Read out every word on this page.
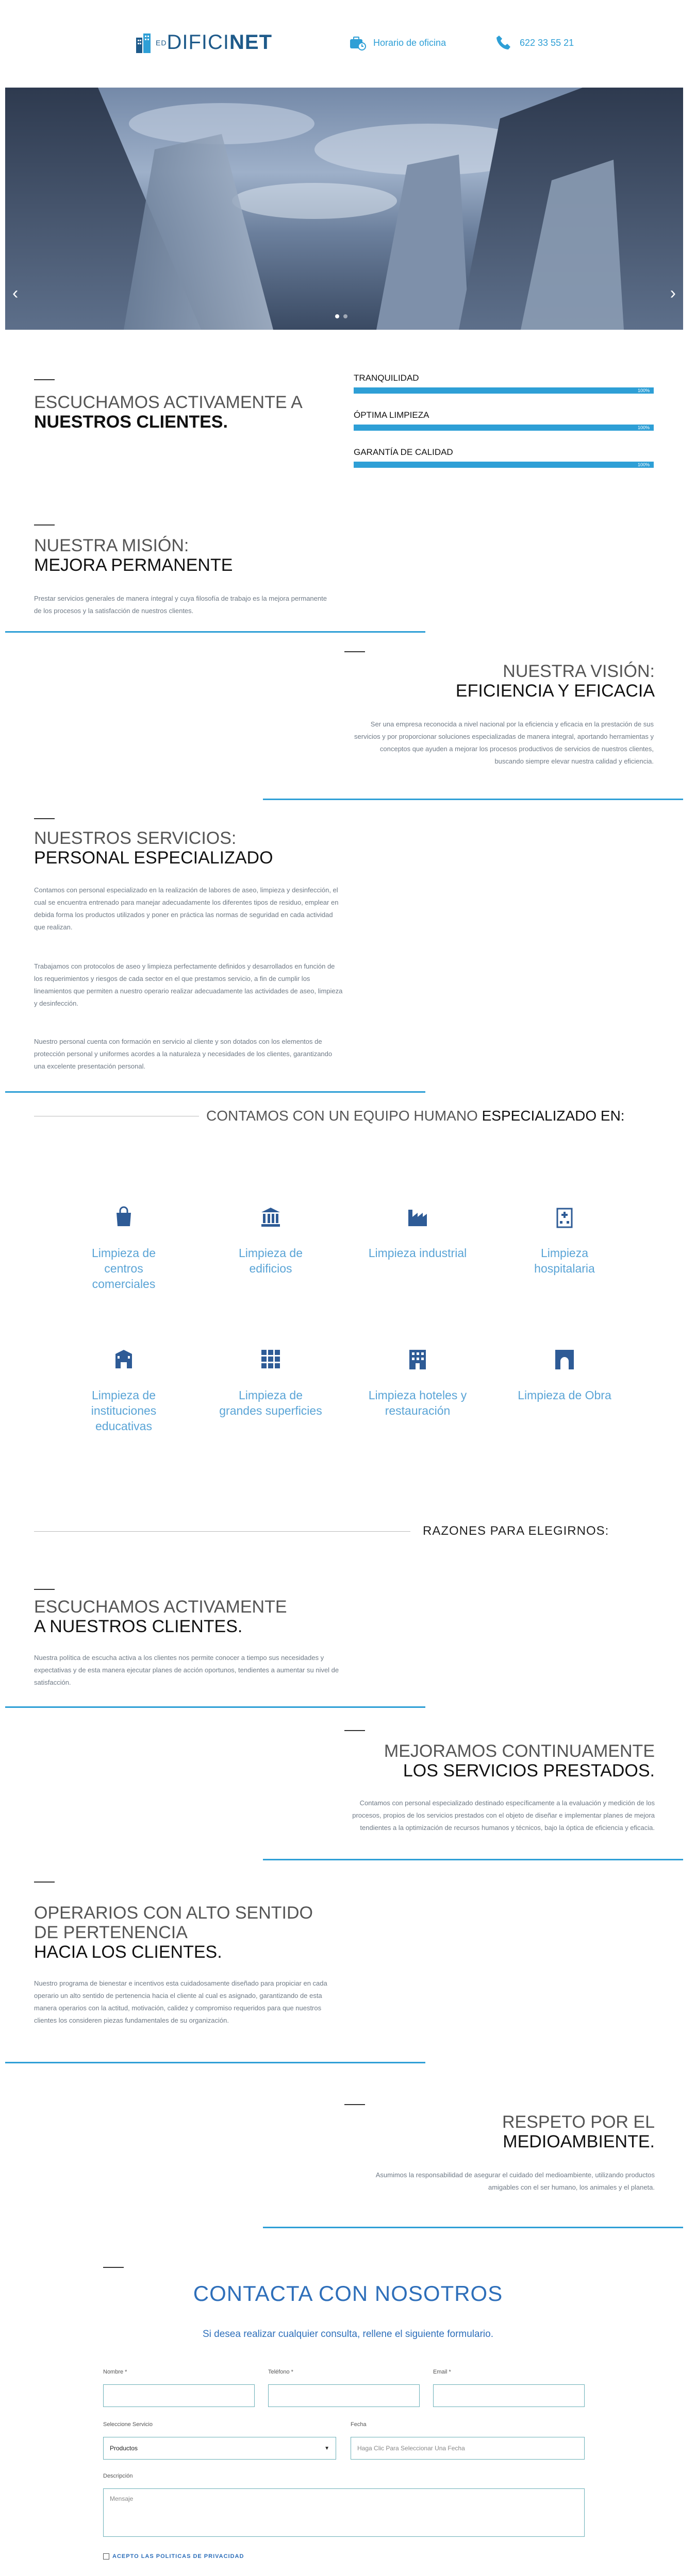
ED DIFICI NET	Horario de oficina	622 33 55 21
‹	›
ESCUCHAMOS ACTIVAMENTE A NUESTROS CLIENTES.
TRANQUILIDAD
100%
ÓPTIMA LIMPIEZA
100%
GARANTÍA DE CALIDAD
100%
NUESTRA MISIÓN:
MEJORA PERMANENTE

Prestar servicios generales de manera íntegral y cuya filosofía de trabajo es la mejora permanente de los procesos y la satisfacción de nuestros clientes.

NUESTRA VISIÓN:
EFICIENCIA Y EFICACIA

Ser una empresa reconocida a nivel nacional por la eficiencia y eficacia en la prestación de sus servicios y por proporcionar soluciones especializadas de manera integral, aportando herramientas y conceptos que ayuden a mejorar los procesos productivos de servicios de nuestros clientes, buscando siempre elevar nuestra calidad y eficiencia.

NUESTROS SERVICIOS:
PERSONAL ESPECIALIZADO

Contamos con personal especializado en la realización de labores de aseo, limpieza y desinfección, el cual se encuentra entrenado para manejar adecuadamente los diferentes tipos de residuo, emplear en debida forma los productos utilizados y poner en práctica las normas de seguridad en cada actividad que realizan.

Trabajamos con protocolos de aseo y limpieza perfectamente definidos y desarrollados en función de los requerimientos y riesgos de cada sector en el que prestamos servicio, a fin de cumplir los lineamientos que permiten a nuestro operario realizar adecuadamente las actividades de aseo, limpieza y desinfección.

Nuestro personal cuenta con formación en servicio al cliente y son dotados con los elementos de protección personal y uniformes acordes a la naturaleza y necesidades de los clientes, garantizando una excelente presentación personal.

CONTAMOS CON UN EQUIPO HUMANO ESPECIALIZADO EN:
Limpieza de centros comerciales
Limpieza de edificios
Limpieza industrial	Limpieza hospitalaria
Limpieza de instituciones educativas
Limpieza de grandes superficies
Limpieza hoteles y restauración
Limpieza de Obra
RAZONES PARA ELEGIRNOS:
ESCUCHAMOS ACTIVAMENTE
A NUESTROS CLIENTES.

Nuestra política de escucha activa a los clientes nos permite conocer a tiempo sus necesidades y expectativas y de esta manera ejecutar planes de acción oportunos, tendientes a aumentar su nivel de satisfacción.

MEJORAMOS CONTINUAMENTE
LOS SERVICIOS PRESTADOS.

Contamos con personal especializado destinado específicamente a la evaluación y medición de los procesos, propios de los servicios prestados con el objeto de diseñar e implementar planes de mejora tendientes a la optimización de recursos humanos y técnicos, bajo la óptica de eficiencia y eficacia.

OPERARIOS CON ALTO SENTIDO DE PERTENENCIA
HACIA LOS CLIENTES.

Nuestro programa de bienestar e incentivos esta cuidadosamente diseñado para propiciar en cada operario un alto sentido de pertenencia hacia el cliente al cual es asignado, garantizando de esta manera operarios con la actitud, motivación, calidez y compromiso requeridos para que nuestros clientes los consideren piezas fundamentales de su organización.

RESPETO POR EL
MEDIOAMBIENTE.

Asumimos la responsabilidad de asegurar el cuidado del medioambiente, utilizando productos amigables con el ser humano, los animales y el planeta.

CONTACTA CON NOSOTROS
Si desea realizar cualquier consulta, rellene el siguiente formulario.
Nombre *	Teléfono *	Email *
Seleccione Servicio
Productos	▼
Fecha
Haga Clic Para Seleccionar Una Fecha
Descripción
Mensaje
ACEPTO LAS POLITICAS DE PRIVACIDAD
